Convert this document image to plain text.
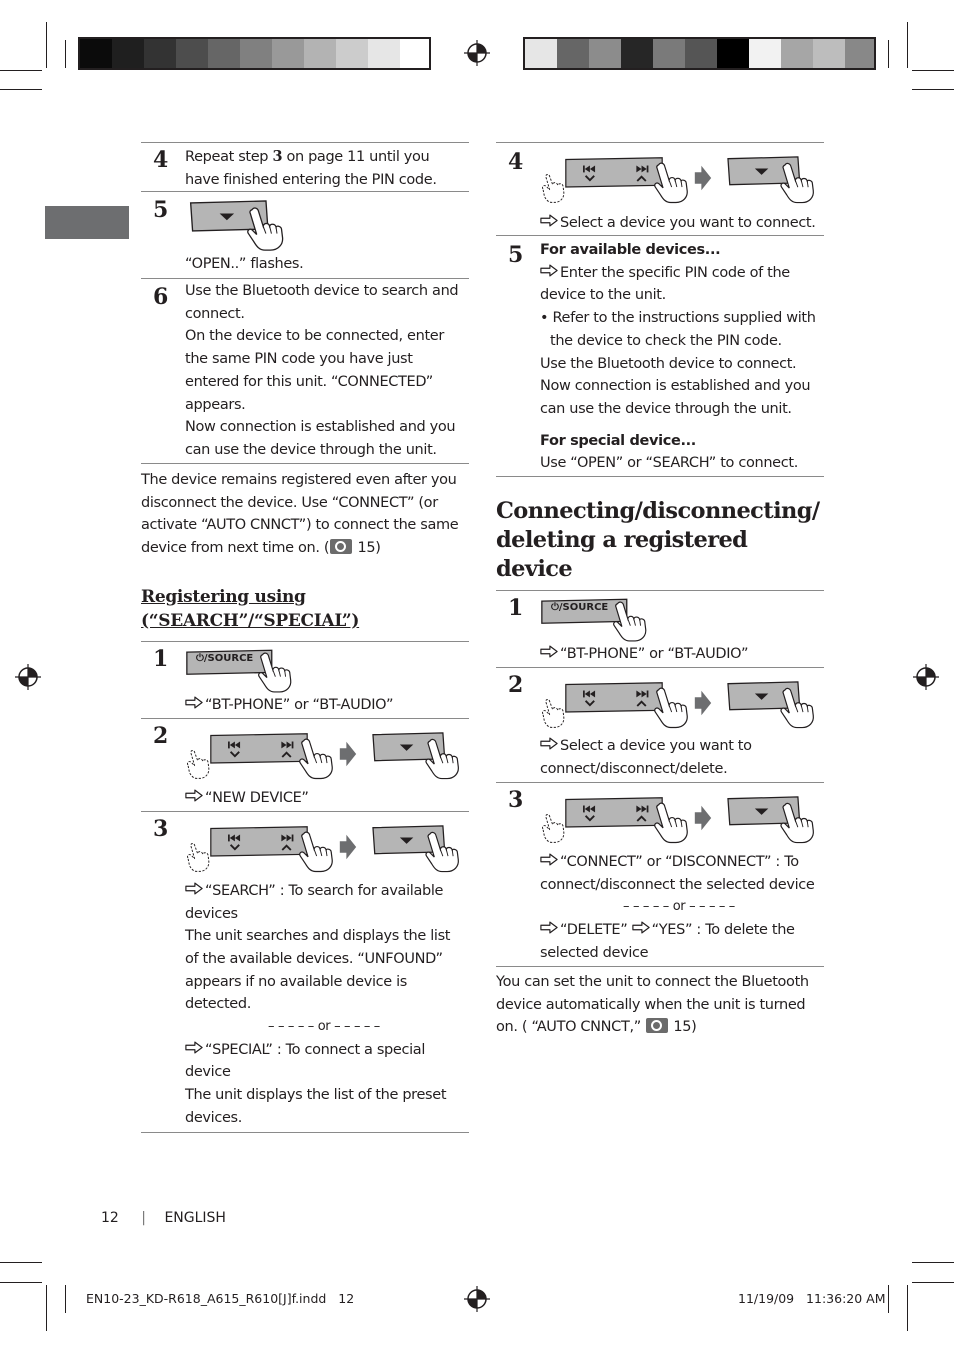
4 Repeat step 3 on page 11 until you
have finished entering the PIN code.
5
“OPEN..” flashes.
6 Use the Bluetooth device to search and
connect.
On the device to be connected, enter
the same PIN code you have just
entered for this unit. “CONNECTED”
appears.
Now connection is established and you
can use the device through the unit.
The device remains registered even after you
disconnect the device. Use “CONNECT” (or
activate “AUTO CNNCT”) to connect the same
device from next time on. ( 15)
Registering using
(“SEARCH”/“SPECIAL”)
1	⏻/SOURCE
“BT-PHONE” or “BT-AUDIO”
2
“NEW DEVICE”
3
“SEARCH” : To search for available
devices
The unit searches and displays the list
of the available devices. “UNFOUND”
appears if no available device is
detected.
– – – – – or – – – – –
“SPECIAL” : To connect a special
device
The unit displays the list of the preset
devices.
4
Select a device you want to connect.
5 For available devices...
Enter the specific PIN code of the
device to the unit.
• Refer to the instructions supplied with
the device to check the PIN code.
Use the Bluetooth device to connect.
Now connection is established and you
can use the device through the unit.
For special device...
Use “OPEN” or “SEARCH” to connect.
Connecting/disconnecting/
deleting a registered device
1	⏻/SOURCE
“BT-PHONE” or “BT-AUDIO”
2
Select a device you want to
connect/disconnect/delete.
3
“CONNECT” or “DISCONNECT” : To
connect/disconnect the selected device
– – – – – or – – – – –
“DELETE” “YES” : To delete the
selected device
You can set the unit to connect the Bluetooth
device automatically when the unit is turned
on. ( “AUTO CNNCT,”  15)
12 | ENGLISH
EN10-23_KD-R618_A615_R610[J]f.indd   12	11/19/09   11:36:20 AM
